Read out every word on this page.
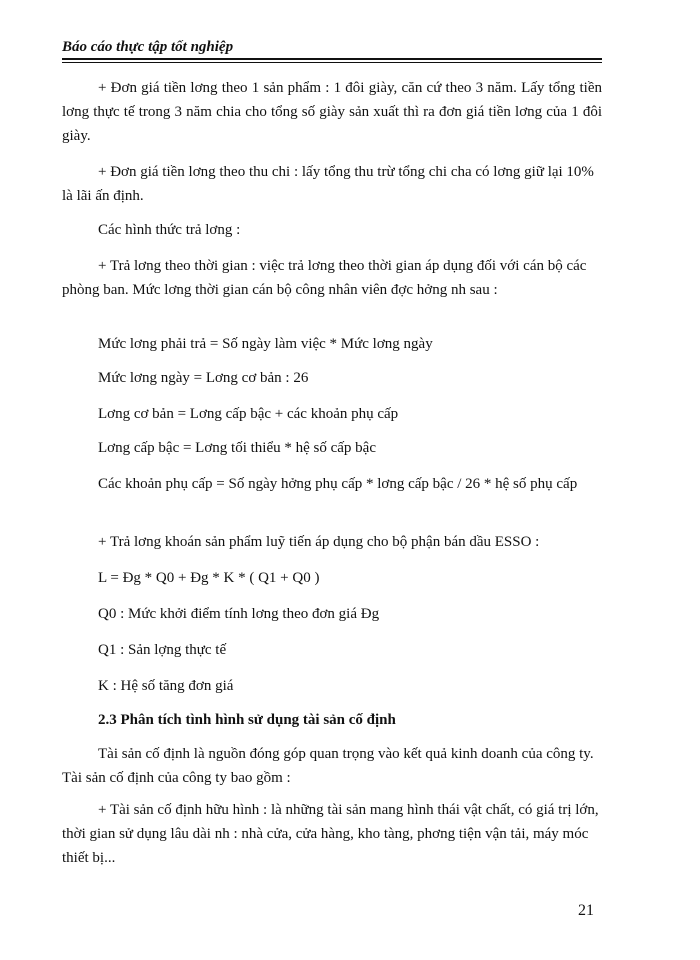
Báo cáo thực tập tốt nghiệp
+ Đơn giá tiền lơng theo 1 sản phẩm : 1 đôi giày, căn cứ theo 3 năm. Lấy tổng tiền lơng thực tế trong 3 năm chia cho tổng số giày sản xuất thì ra đơn giá tiền lơng của 1 đôi giày.
+ Đơn giá tiền lơng theo thu chi : lấy tổng thu trừ tổng chi cha có lơng giữ lại 10% là lãi ấn định.
Các hình thức trả lơng :
+ Trả lơng theo thời gian : việc trả lơng theo thời gian áp dụng đối với cán bộ các phòng ban. Mức lơng thời gian cán bộ công nhân viên đợc hởng nh sau :
Mức lơng phải trả = Số ngày làm việc * Mức lơng ngày
Mức lơng ngày = Lơng cơ bản : 26
Lơng cơ bản = Lơng cấp bậc + các khoản phụ cấp
Lơng cấp bậc = Lơng tối thiểu * hệ số cấp bậc
Các khoản phụ cấp = Số ngày hởng phụ cấp * lơng cấp bậc / 26 * hệ số phụ cấp
+ Trả lơng khoán sản phẩm luỹ tiến áp dụng cho bộ phận bán dầu ESSO :
L = Đg * Q0 + Đg * K * ( Q1 + Q0 )
Q0 : Mức khởi điểm tính lơng theo đơn giá Đg
Q1 : Sản lợng thực tế
K : Hệ số tăng đơn giá
2.3 Phân tích tình hình sử dụng tài sản cố định
Tài sản cố định là nguồn đóng góp quan trọng vào kết quả kinh doanh của công ty. Tài sản cố định của công ty bao gồm :
+ Tài sản cố định hữu hình : là những tài sản mang hình thái vật chất, có giá trị lớn, thời gian sử dụng lâu dài nh : nhà cửa, cửa hàng, kho tàng, phơng tiện vận tải, máy móc thiết bị...
21
